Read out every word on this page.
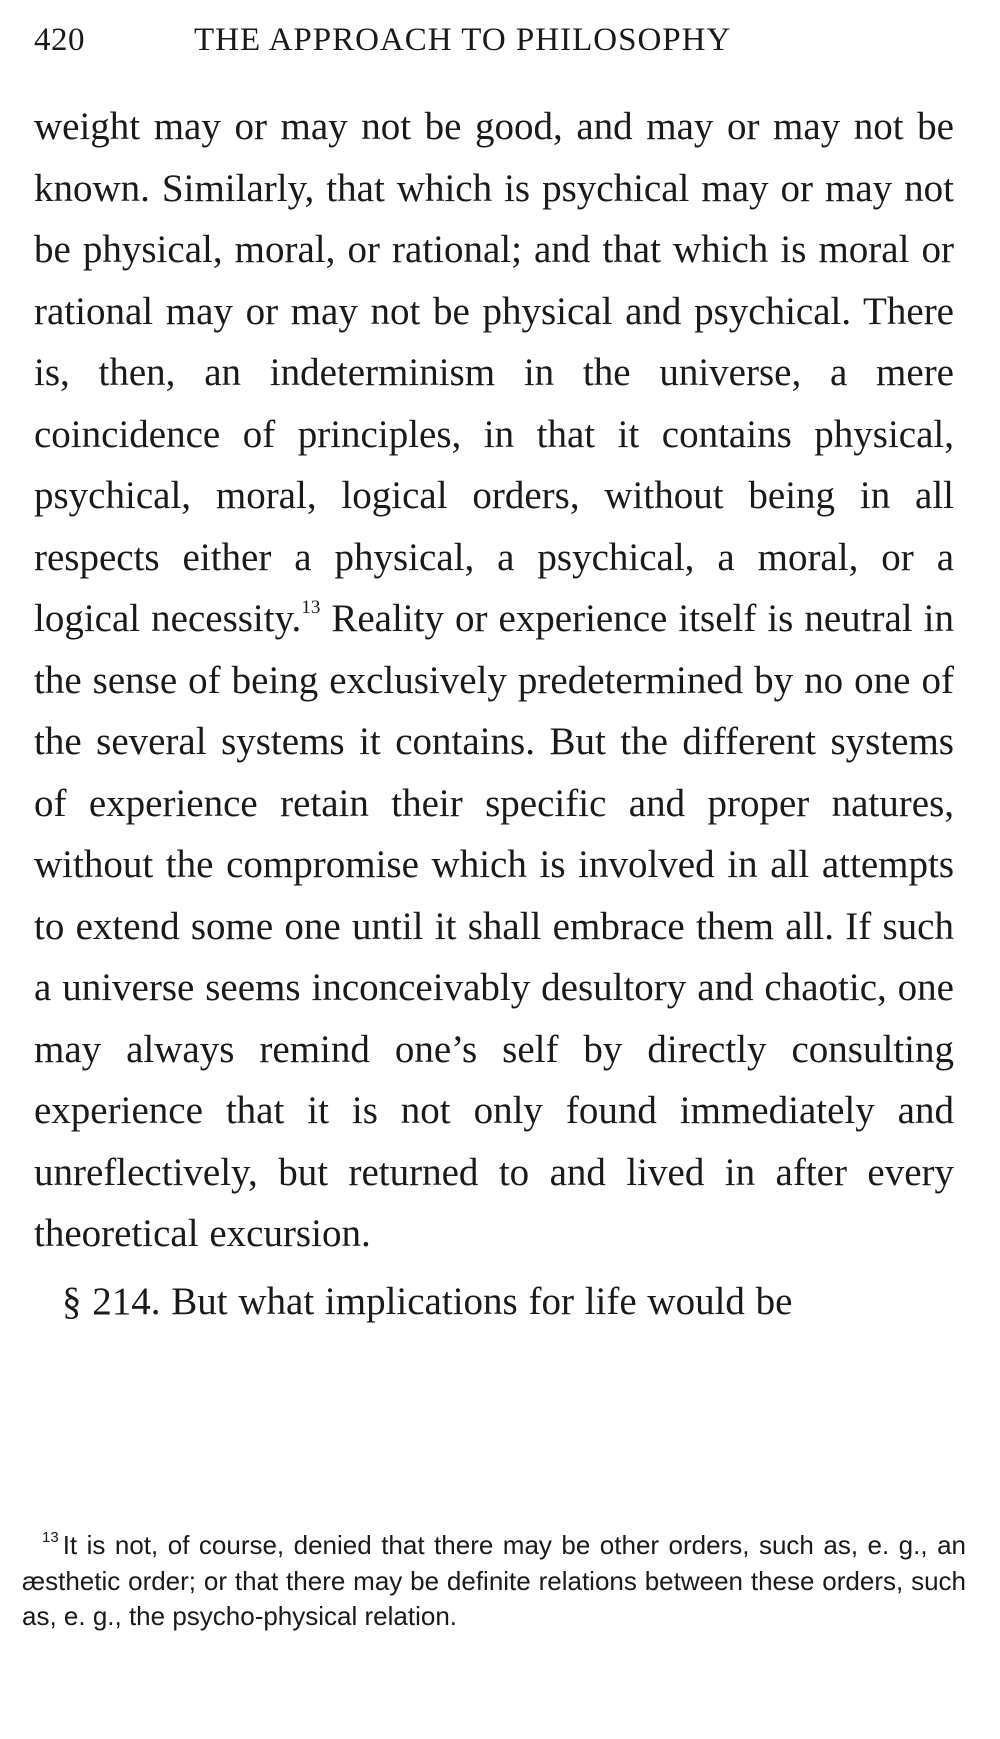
420	THE APPROACH TO PHILOSOPHY

weight may or may not be good, and may or may not be known. Similarly, that which is psychical may or may not be physical, moral, or rational; and that which is moral or rational may or may not be physical and psychical. There is, then, an indeterminism in the universe, a mere coincidence of principles, in that it contains physical, psychical, moral, logical orders, without being in all respects either a physical, a psychical, a moral, or a logical necessity.$^{13}$ Reality or experience itself is neutral in the sense of being exclusively predetermined by no one of the several systems it contains. But the different systems of experience retain their specific and proper natures, without the compromise which is involved in all attempts to extend some one until it shall embrace them all. If such a universe seems inconceivably desultory and chaotic, one may always remind one’s self by directly consulting experience that it is not only found immediately and unreflectively, but returned to and lived in after every theoretical excursion.

§ 214. But what implications for life would be

$^{13}$ It is not, of course, denied that there may be other orders, such as, e. g., an æsthetic order; or that there may be definite relations between these orders, such as, e. g., the psycho-physical relation.
